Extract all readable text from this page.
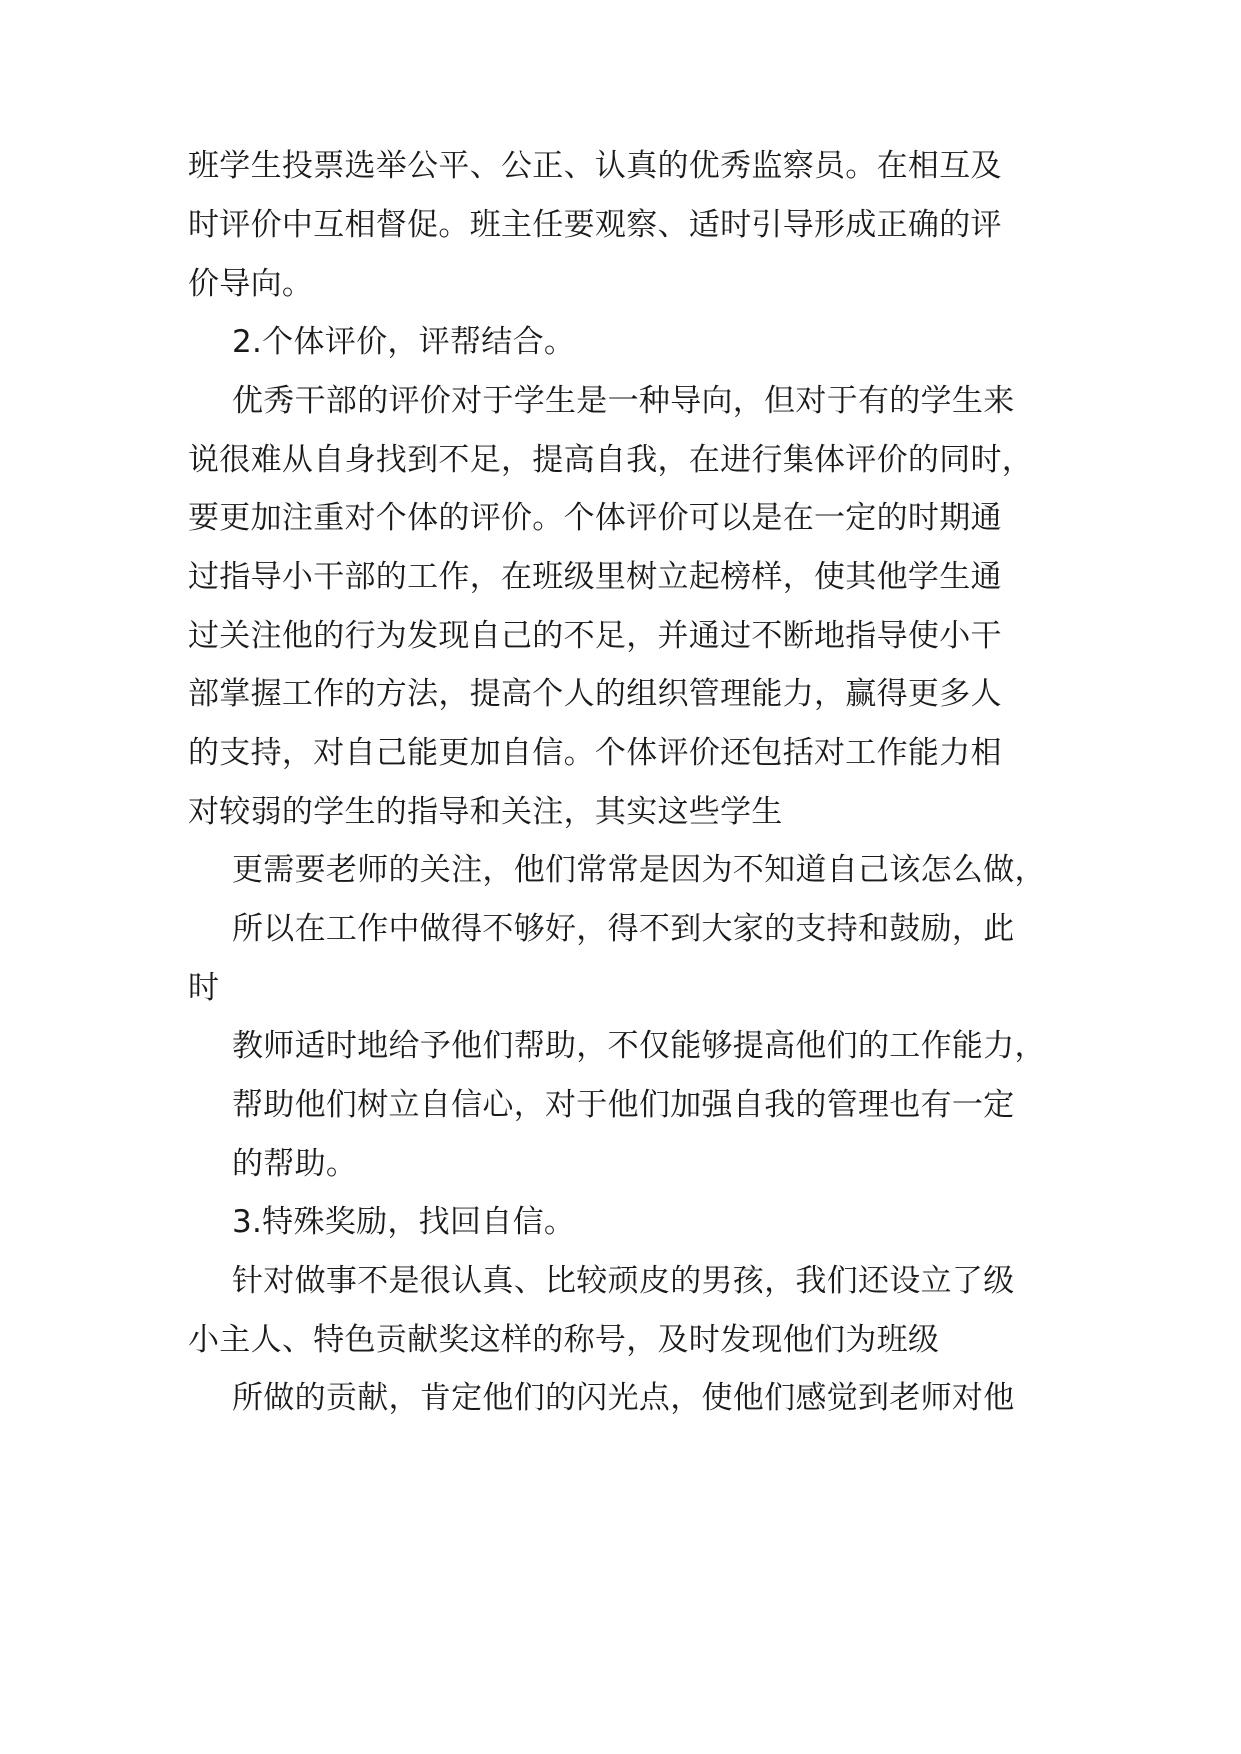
班学生投票选举公平、公正、认真的优秀监察员。在相互及
时评价中互相督促。班主任要观察、适时引导形成正确的评
价导向。
2.个体评价，评帮结合。
优秀干部的评价对于学生是一种导向，但对于有的学生来
说很难从自身找到不足，提高自我，在进行集体评价的同时，
要更加注重对个体的评价。个体评价可以是在一定的时期通
过指导小干部的工作，在班级里树立起榜样，使其他学生通
过关注他的行为发现自己的不足，并通过不断地指导使小干
部掌握工作的方法，提高个人的组织管理能力，赢得更多人
的支持，对自己能更加自信。个体评价还包括对工作能力相
对较弱的学生的指导和关注，其实这些学生
更需要老师的关注，他们常常是因为不知道自己该怎么做，
所以在工作中做得不够好，得不到大家的支持和鼓励，此
时
教师适时地给予他们帮助，不仅能够提高他们的工作能力，
帮助他们树立自信心，对于他们加强自我的管理也有一定
的帮助。
3.特殊奖励，找回自信。
针对做事不是很认真、比较顽皮的男孩，我们还设立了级
小主人、特色贡献奖这样的称号，及时发现他们为班级
所做的贡献，肯定他们的闪光点，使他们感觉到老师对他
